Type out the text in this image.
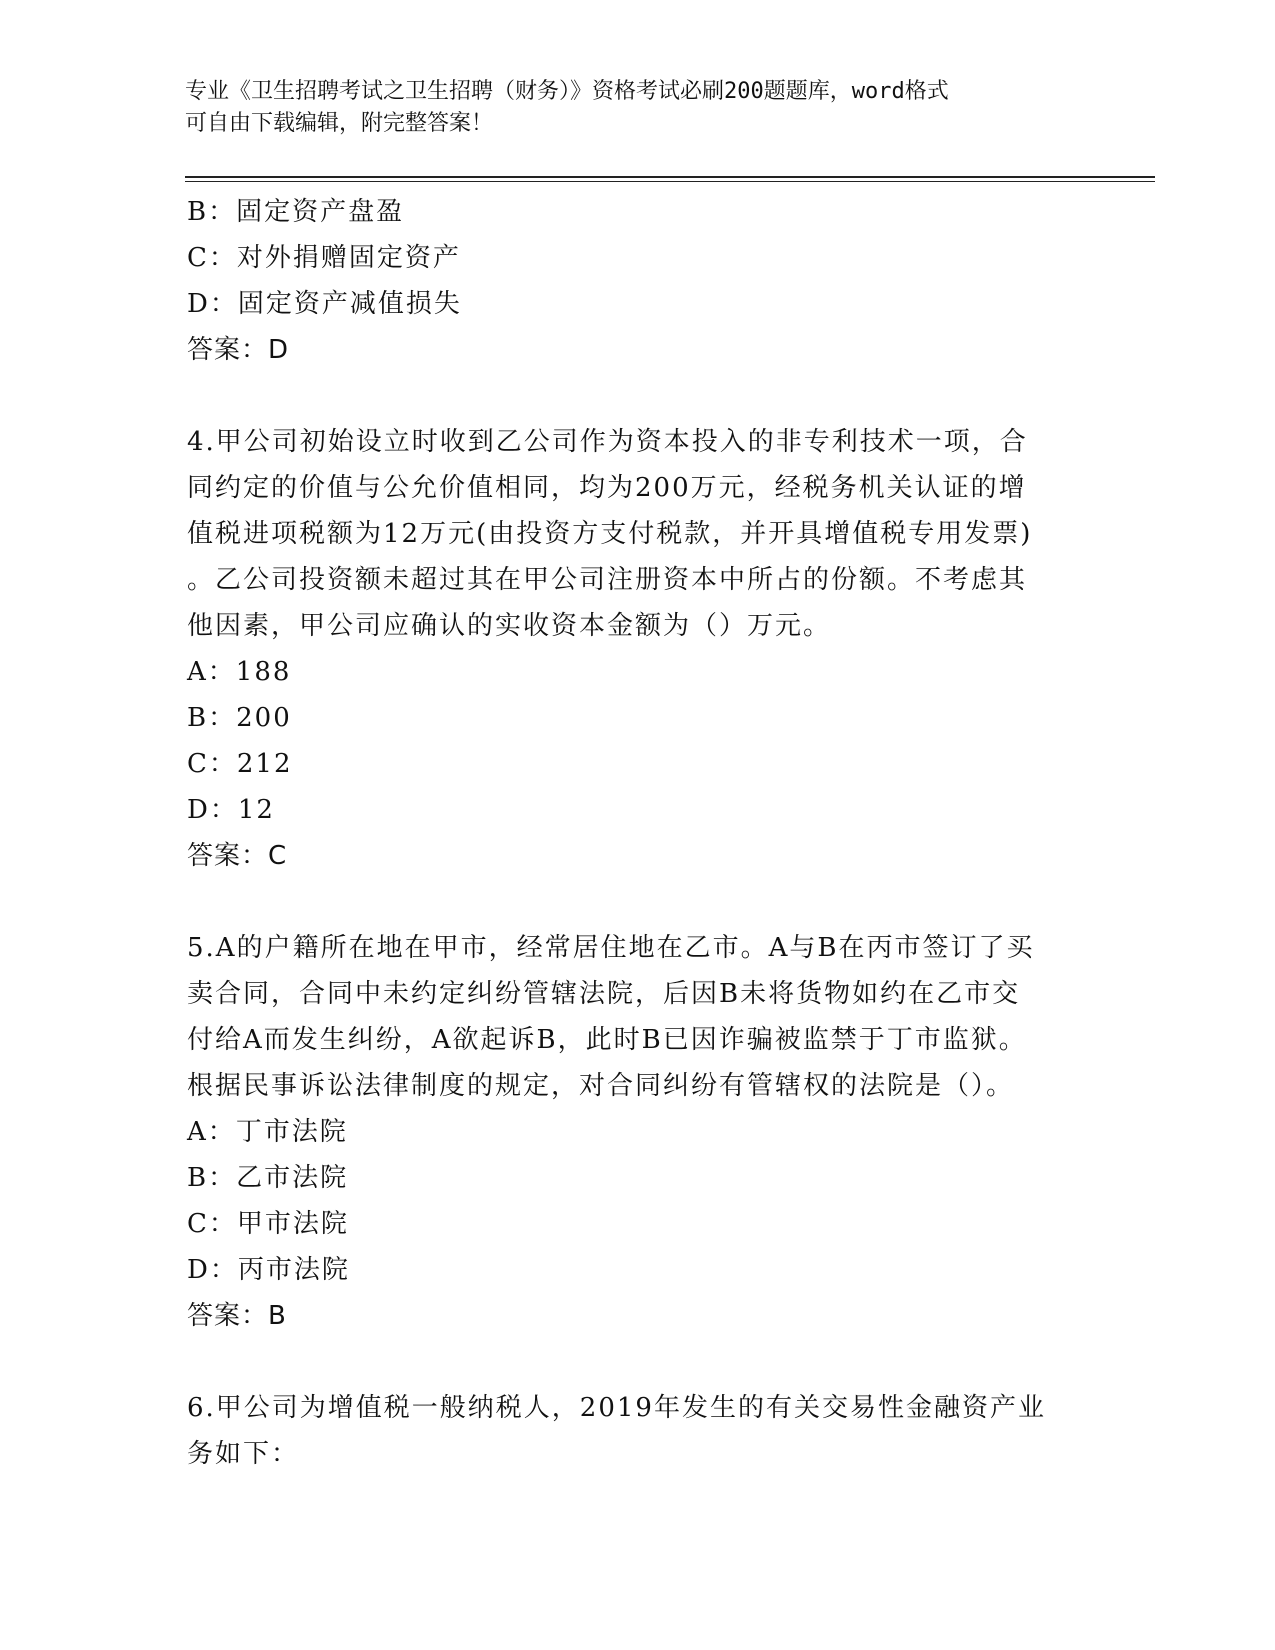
专业《卫生招聘考试之卫生招聘（财务）》资格考试必刷200题题库，word格式
可自由下载编辑，附完整答案！
B：固定资产盘盈
C：对外捐赠固定资产
D：固定资产减值损失
答案：D
4.甲公司初始设立时收到乙公司作为资本投入的非专利技术一项，合
同约定的价值与公允价值相同，均为200万元，经税务机关认证的增
值税进项税额为12万元(由投资方支付税款，并开具增值税专用发票)
。乙公司投资额未超过其在甲公司注册资本中所占的份额。不考虑其
他因素，甲公司应确认的实收资本金额为（）万元。
A：188
B：200
C：212
D：12
答案：C
5.A的户籍所在地在甲市，经常居住地在乙市。A与B在丙市签订了买
卖合同，合同中未约定纠纷管辖法院，后因B未将货物如约在乙市交
付给A而发生纠纷，A欲起诉B，此时B已因诈骗被监禁于丁市监狱。
根据民事诉讼法律制度的规定，对合同纠纷有管辖权的法院是（）。
A：丁市法院
B：乙市法院
C：甲市法院
D：丙市法院
答案：B
6.甲公司为增值税一般纳税人，2019年发生的有关交易性金融资产业
务如下：
